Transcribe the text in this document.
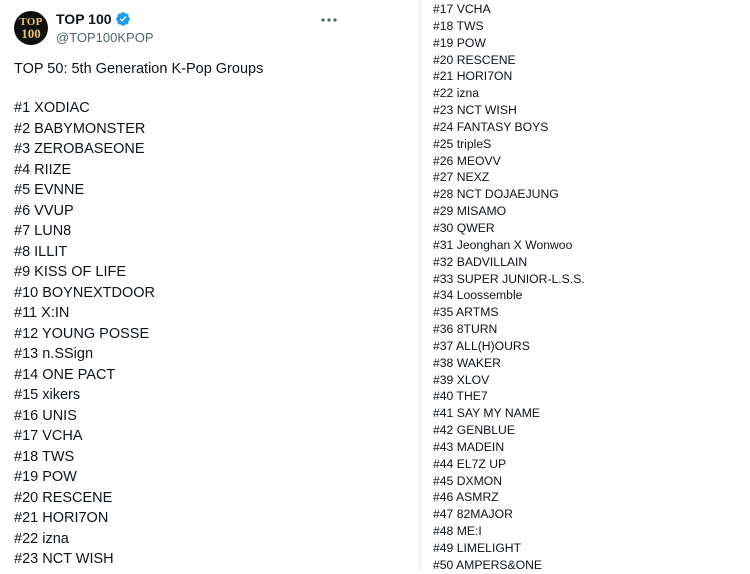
TOP
100
TOP 100
@TOP100KPOP
TOP 50: 5th Generation K-Pop Groups
#1 XODIAC
#2 BABYMONSTER
#3 ZEROBASEONE
#4 RIIZE
#5 EVNNE
#6 VVUP
#7 LUN8
#8 ILLIT
#9 KISS OF LIFE
#10 BOYNEXTDOOR
#11 X:IN
#12 YOUNG POSSE
#13 n.SSign
#14 ONE PACT
#15 xikers
#16 UNIS
#17 VCHA
#18 TWS
#19 POW
#20 RESCENE
#21 HORI7ON
#22 izna
#23 NCT WISH
#17 VCHA
#18 TWS
#19 POW
#20 RESCENE
#21 HORI7ON
#22 izna
#23 NCT WISH
#24 FANTASY BOYS
#25 tripleS
#26 MEOVV
#27 NEXZ
#28 NCT DOJAEJUNG
#29 MISAMO
#30 QWER
#31 Jeonghan X Wonwoo
#32 BADVILLAIN
#33 SUPER JUNIOR-L.S.S.
#34 Loossemble
#35 ARTMS
#36 8TURN
#37 ALL(H)OURS
#38 WAKER
#39 XLOV
#40 THE7
#41 SAY MY NAME
#42 GENBLUE
#43 MADEIN
#44 EL7Z UP
#45 DXMON
#46 ASMRZ
#47 82MAJOR
#48 ME:I
#49 LIMELIGHT
#50 AMPERS&ONE
